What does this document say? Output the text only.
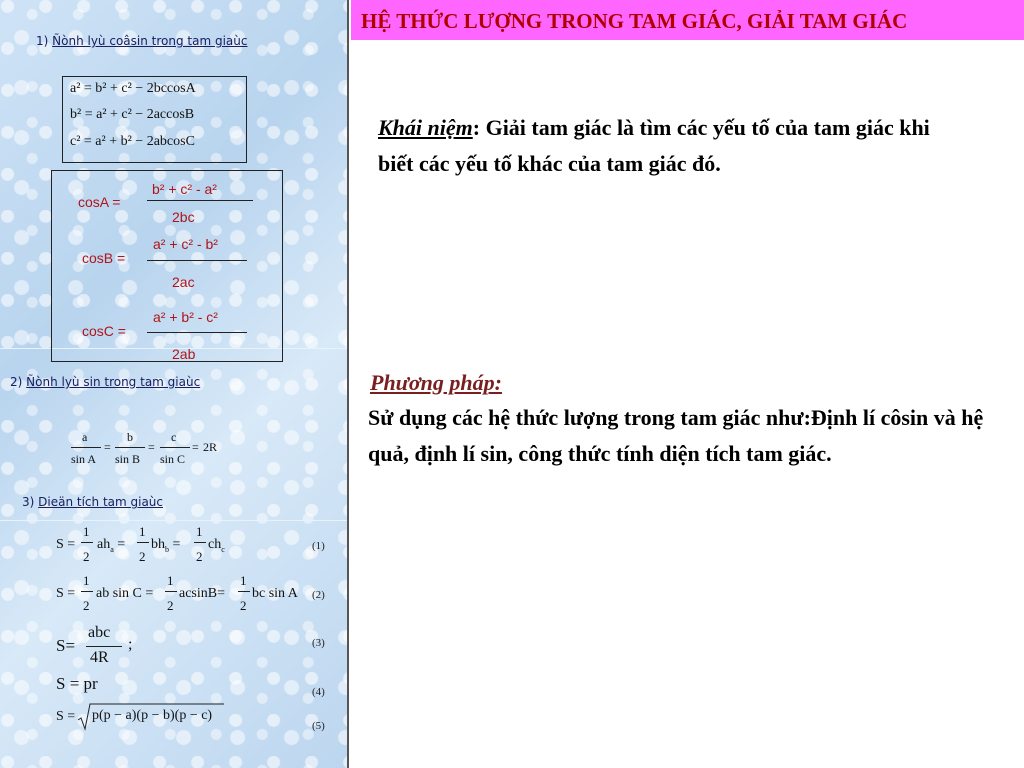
1) Ñònh lyù coâsin trong tam giaùc
a² = b² + c² − 2bccosA
b² = a² + c² − 2accosB
c² = a² + b² − 2abcosC
cosA =
b² + c² - a²
2bc
cosB =
a² + c² - b²
2ac
cosC =
a² + b² - c²
2ab
2) Ñònh lyù sin trong tam giaùc
a
sin A
=
b
sin B
=
c
sin C
= 2R
3) Dieän tích tam giaùc
S =
1
2
$ah_a$ =
1
2
$bh_b$ =
1
2
$ch_c$	(1)
S =
1
2
ab sin C =
1
2
acsinB=
1
2
bc sin A (2)
S=
abc
4R
;	(3)
S = pr	(4)
S = p(p − a)(p − b)(p − c)
(5)
HỆ THỨC LƯỢNG TRONG TAM GIÁC, GIẢI TAM GIÁC
Khái niệm: Giải tam giác là tìm các yếu tố của tam giác khi biết các yếu tố khác của tam giác đó.
Phương pháp:
Sử dụng các hệ thức lượng trong tam giác như:Định lí côsin và hệ quả, định lí sin, công thức tính diện tích tam giác.
